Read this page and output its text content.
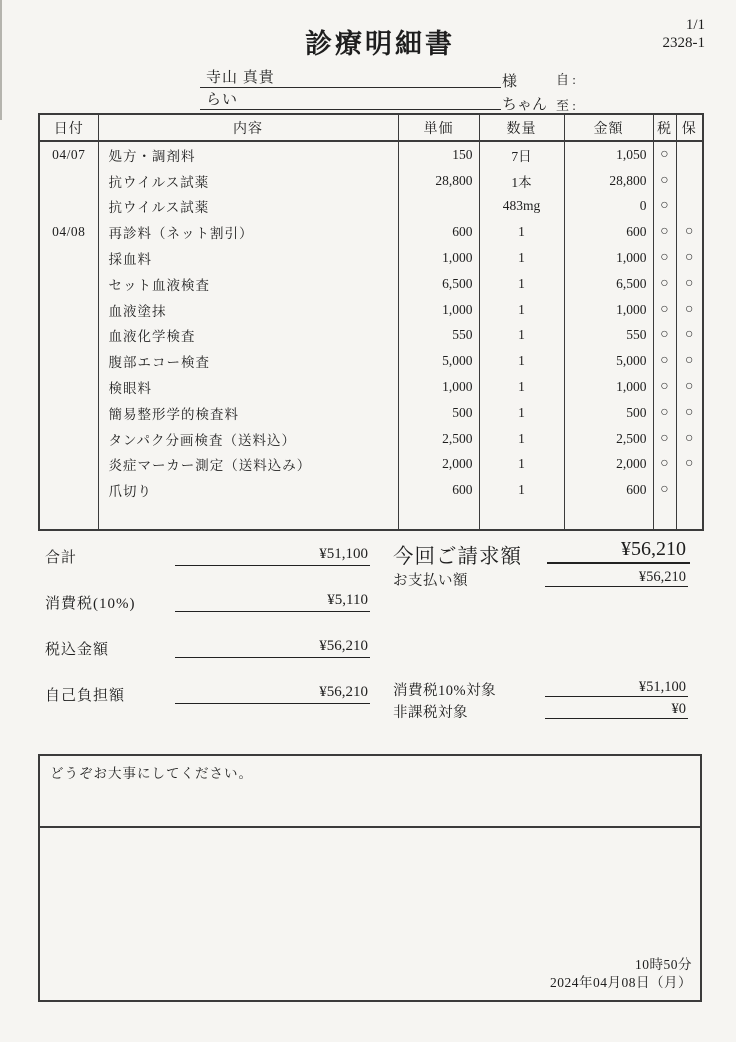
診療明細書
1/1
2328-1
寺山 真貴	様	自 :
らい	ちゃん 至 :
日付	内容	単価	数量	金額	税	保
04/07	処方・調剤料	150	7日	1,050	○	
	抗ウイルス試薬	28,800	1本	28,800	○	
	抗ウイルス試薬		483mg	0	○	
04/08	再診料（ネット割引）	600	1	600	○	○
	採血料	1,000	1	1,000	○	○
	セット血液検査	6,500	1	6,500	○	○
	血液塗抹	1,000	1	1,000	○	○
	血液化学検査	550	1	550	○	○
	腹部エコー検査	5,000	1	5,000	○	○
	検眼料	1,000	1	1,000	○	○
	簡易整形学的検査料	500	1	500	○	○
	タンパク分画検査（送料込）	2,500	1	2,500	○	○
	炎症マーカー測定（送料込み）	2,000	1	2,000	○	○
	爪切り	600	1	600	○	

合計	¥51,100
消費税(10%)	¥5,110
税込金額	¥56,210
自己負担額	¥56,210
今回ご請求額	¥56,210
お支払い額	¥56,210
消費税10%対象	¥51,100
非課税対象	¥0
どうぞお大事にしてください。
10時50分
2024年04月08日（月）
